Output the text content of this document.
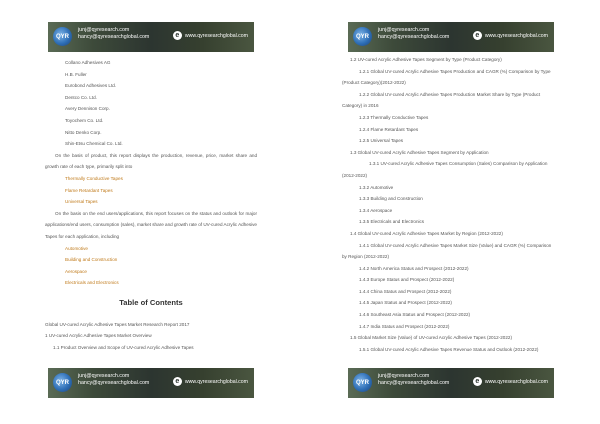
QYR
junj@qyresearch.com
hancy@qyresearchglobal.com	e	www.qyresearchglobal.com
Collano Adhesives AG
H.B. Fuller
Eurobond Adhesives Ltd.
Dentco Co. Ltd.
Avery Dennison Corp.
Toyochem Co. Ltd.
Nitto Denko Corp.
Shin-Etsu Chemical Co. Ltd.
On the basis of product, this report displays the production, revenue, price, market share and growth rate of each type, primarily split into
Thermally Conductive Tapes
Flame Retardant Tapes
Universal Tapes
On the basis on the end users/applications, this report focuses on the status and outlook for major applications/end users, consumption (sales), market share and growth rate of UV-cured Acrylic Adhesive Tapes for each application, including
Automotive
Building and Construction
Aerospace
Electricals and Electronics
Table of Contents
Global UV-cured Acrylic Adhesive Tapes Market Research Report 2017
1 UV-cured Acrylic Adhesive Tapes Market Overview
1.1 Product Overview and Scope of UV-cured Acrylic Adhesive Tapes
QYR
junj@qyresearch.com
hancy@qyresearchglobal.com	e	www.qyresearchglobal.com
QYR
junj@qyresearch.com
hancy@qyresearchglobal.com	e	www.qyresearchglobal.com
1.2 UV-cured Acrylic Adhesive Tapes Segment by Type (Product Category)
1.2.1 Global UV-cured Acrylic Adhesive Tapes Production and CAGR (%) Comparison by Type
(Product Category)(2012-2022)
1.2.2 Global UV-cured Acrylic Adhesive Tapes Production Market Share by Type (Product
Category) in 2016
1.2.3 Thermally Conductive Tapes
1.2.4 Flame Retardant Tapes
1.2.5 Universal Tapes
1.3 Global UV-cured Acrylic Adhesive Tapes Segment by Application
1.3.1 UV-cured Acrylic Adhesive Tapes Consumption (Sales) Comparison by Application
(2012-2022)
1.3.2 Automotive
1.3.3 Building and Construction
1.3.4 Aerospace
1.3.5 Electricals and Electronics
1.4 Global UV-cured Acrylic Adhesive Tapes Market by Region (2012-2022)
1.4.1 Global UV-cured Acrylic Adhesive Tapes Market Size (Value) and CAGR (%) Comparison
by Region (2012-2022)
1.4.2 North America Status and Prospect (2012-2022)
1.4.3 Europe Status and Prospect (2012-2022)
1.4.4 China Status and Prospect (2012-2022)
1.4.5 Japan Status and Prospect (2012-2022)
1.4.6 Southeast Asia Status and Prospect (2012-2022)
1.4.7 India Status and Prospect (2012-2022)
1.5 Global Market Size (Value) of UV-cured Acrylic Adhesive Tapes (2012-2022)
1.5.1 Global UV-cured Acrylic Adhesive Tapes Revenue Status and Outlook (2012-2022)
QYR
junj@qyresearch.com
hancy@qyresearchglobal.com	e	www.qyresearchglobal.com
